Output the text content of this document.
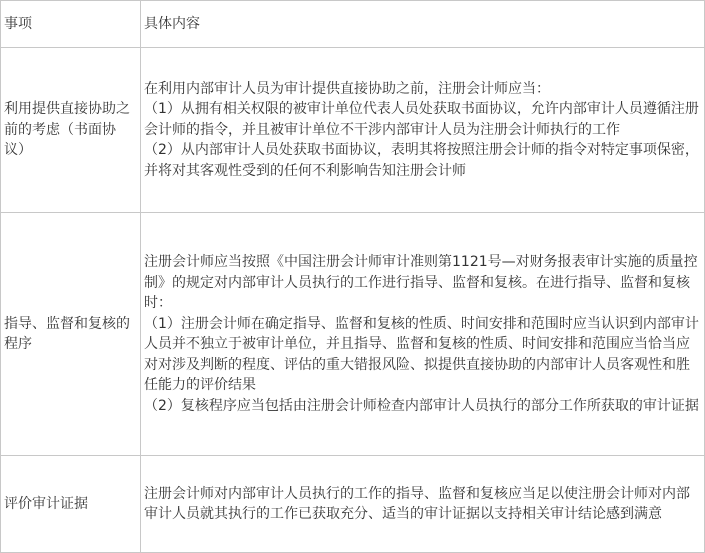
事项	具体内容
利用提供直接协助之前的考虑（书面协议）	在利用内部审计人员为审计提供直接协助之前，注册会计师应当：

（1）从拥有相关权限的被审计单位代表人员处获取书面协议，允许内部审计人员遵循注册会计师的指令，并且被审计单位不干涉内部审计人员为注册会计师执行的工作

（2）从内部审计人员处获取书面协议，表明其将按照注册会计师的指令对特定事项保密，并将对其客观性受到的任何不利影响告知注册会计师

指导、监督和复核的程序	注册会计师应当按照《中国注册会计师审计准则第1121号—对财务报表审计实施的质量控制》的规定对内部审计人员执行的工作进行指导、监督和复核。在进行指导、监督和复核时：

（1）注册会计师在确定指导、监督和复核的性质、时间安排和范围时应当认识到内部审计人员并不独立于被审计单位，并且指导、监督和复核的性质、时间安排和范围应当恰当应对对涉及判断的程度、评估的重大错报风险、拟提供直接协助的内部审计人员客观性和胜任能力的评价结果

（2）复核程序应当包括由注册会计师检查内部审计人员执行的部分工作所获取的审计证据

评价审计证据	注册会计师对内部审计人员执行的工作的指导、监督和复核应当足以使注册会计师对内部审计人员就其执行的工作已获取充分、适当的审计证据以支持相关审计结论感到满意
